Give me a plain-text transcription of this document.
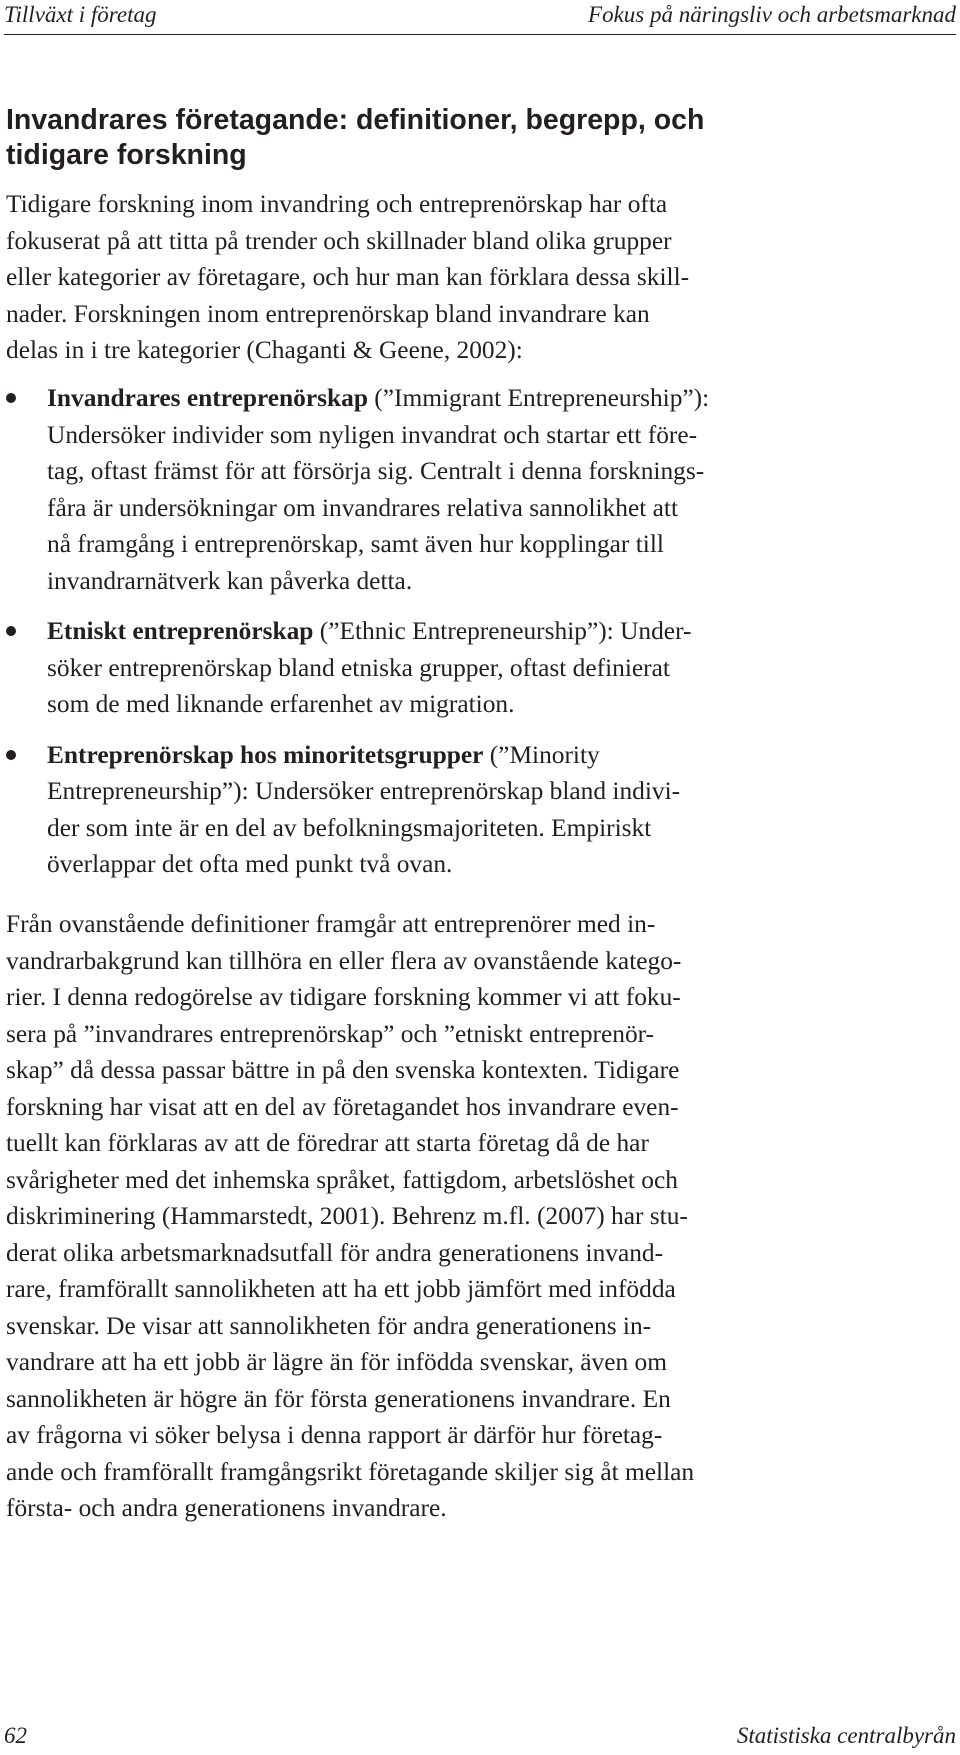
Tillväxt i företag	Fokus på näringsliv och arbetsmarknad
Invandrares företagande: definitioner, begrepp, och
tidigare forskning

Tidigare forskning inom invandring och entreprenörskap har ofta
fokuserat på att titta på trender och skillnader bland olika grupper
eller kategorier av företagare, och hur man kan förklara dessa skill-
nader. Forskningen inom entreprenörskap bland invandrare kan
delas in i tre kategorier (Chaganti & Geene, 2002):

Invandrares entreprenörskap (”Immigrant Entrepreneurship”):
Undersöker individer som nyligen invandrat och startar ett före-
tag, oftast främst för att försörja sig. Centralt i denna forsknings-
fåra är undersökningar om invandrares relativa sannolikhet att
nå framgång i entreprenörskap, samt även hur kopplingar till
invandrarnätverk kan påverka detta.
Etniskt entreprenörskap (”Ethnic Entrepreneurship”): Under-
söker entreprenörskap bland etniska grupper, oftast definierat
som de med liknande erfarenhet av migration.
Entreprenörskap hos minoritetsgrupper (”Minority
Entrepreneurship”): Undersöker entreprenörskap bland indivi-
der som inte är en del av befolkningsmajoriteten. Empiriskt
överlappar det ofta med punkt två ovan.

Från ovanstående definitioner framgår att entreprenörer med in-
vandrarbakgrund kan tillhöra en eller flera av ovanstående katego-
rier. I denna redogörelse av tidigare forskning kommer vi att foku-
sera på ”invandrares entreprenörskap” och ”etniskt entreprenör-
skap” då dessa passar bättre in på den svenska kontexten. Tidigare
forskning har visat att en del av företagandet hos invandrare even-
tuellt kan förklaras av att de föredrar att starta företag då de har
svårigheter med det inhemska språket, fattigdom, arbetslöshet och
diskriminering (Hammarstedt, 2001). Behrenz m.fl. (2007) har stu-
derat olika arbetsmarknadsutfall för andra generationens invand-
rare, framförallt sannolikheten att ha ett jobb jämfört med infödda
svenskar. De visar att sannolikheten för andra generationens in-
vandrare att ha ett jobb är lägre än för infödda svenskar, även om
sannolikheten är högre än för första generationens invandrare. En
av frågorna vi söker belysa i denna rapport är därför hur företag-
ande och framförallt framgångsrikt företagande skiljer sig åt mellan
första- och andra generationens invandrare.

62	Statistiska centralbyrån
